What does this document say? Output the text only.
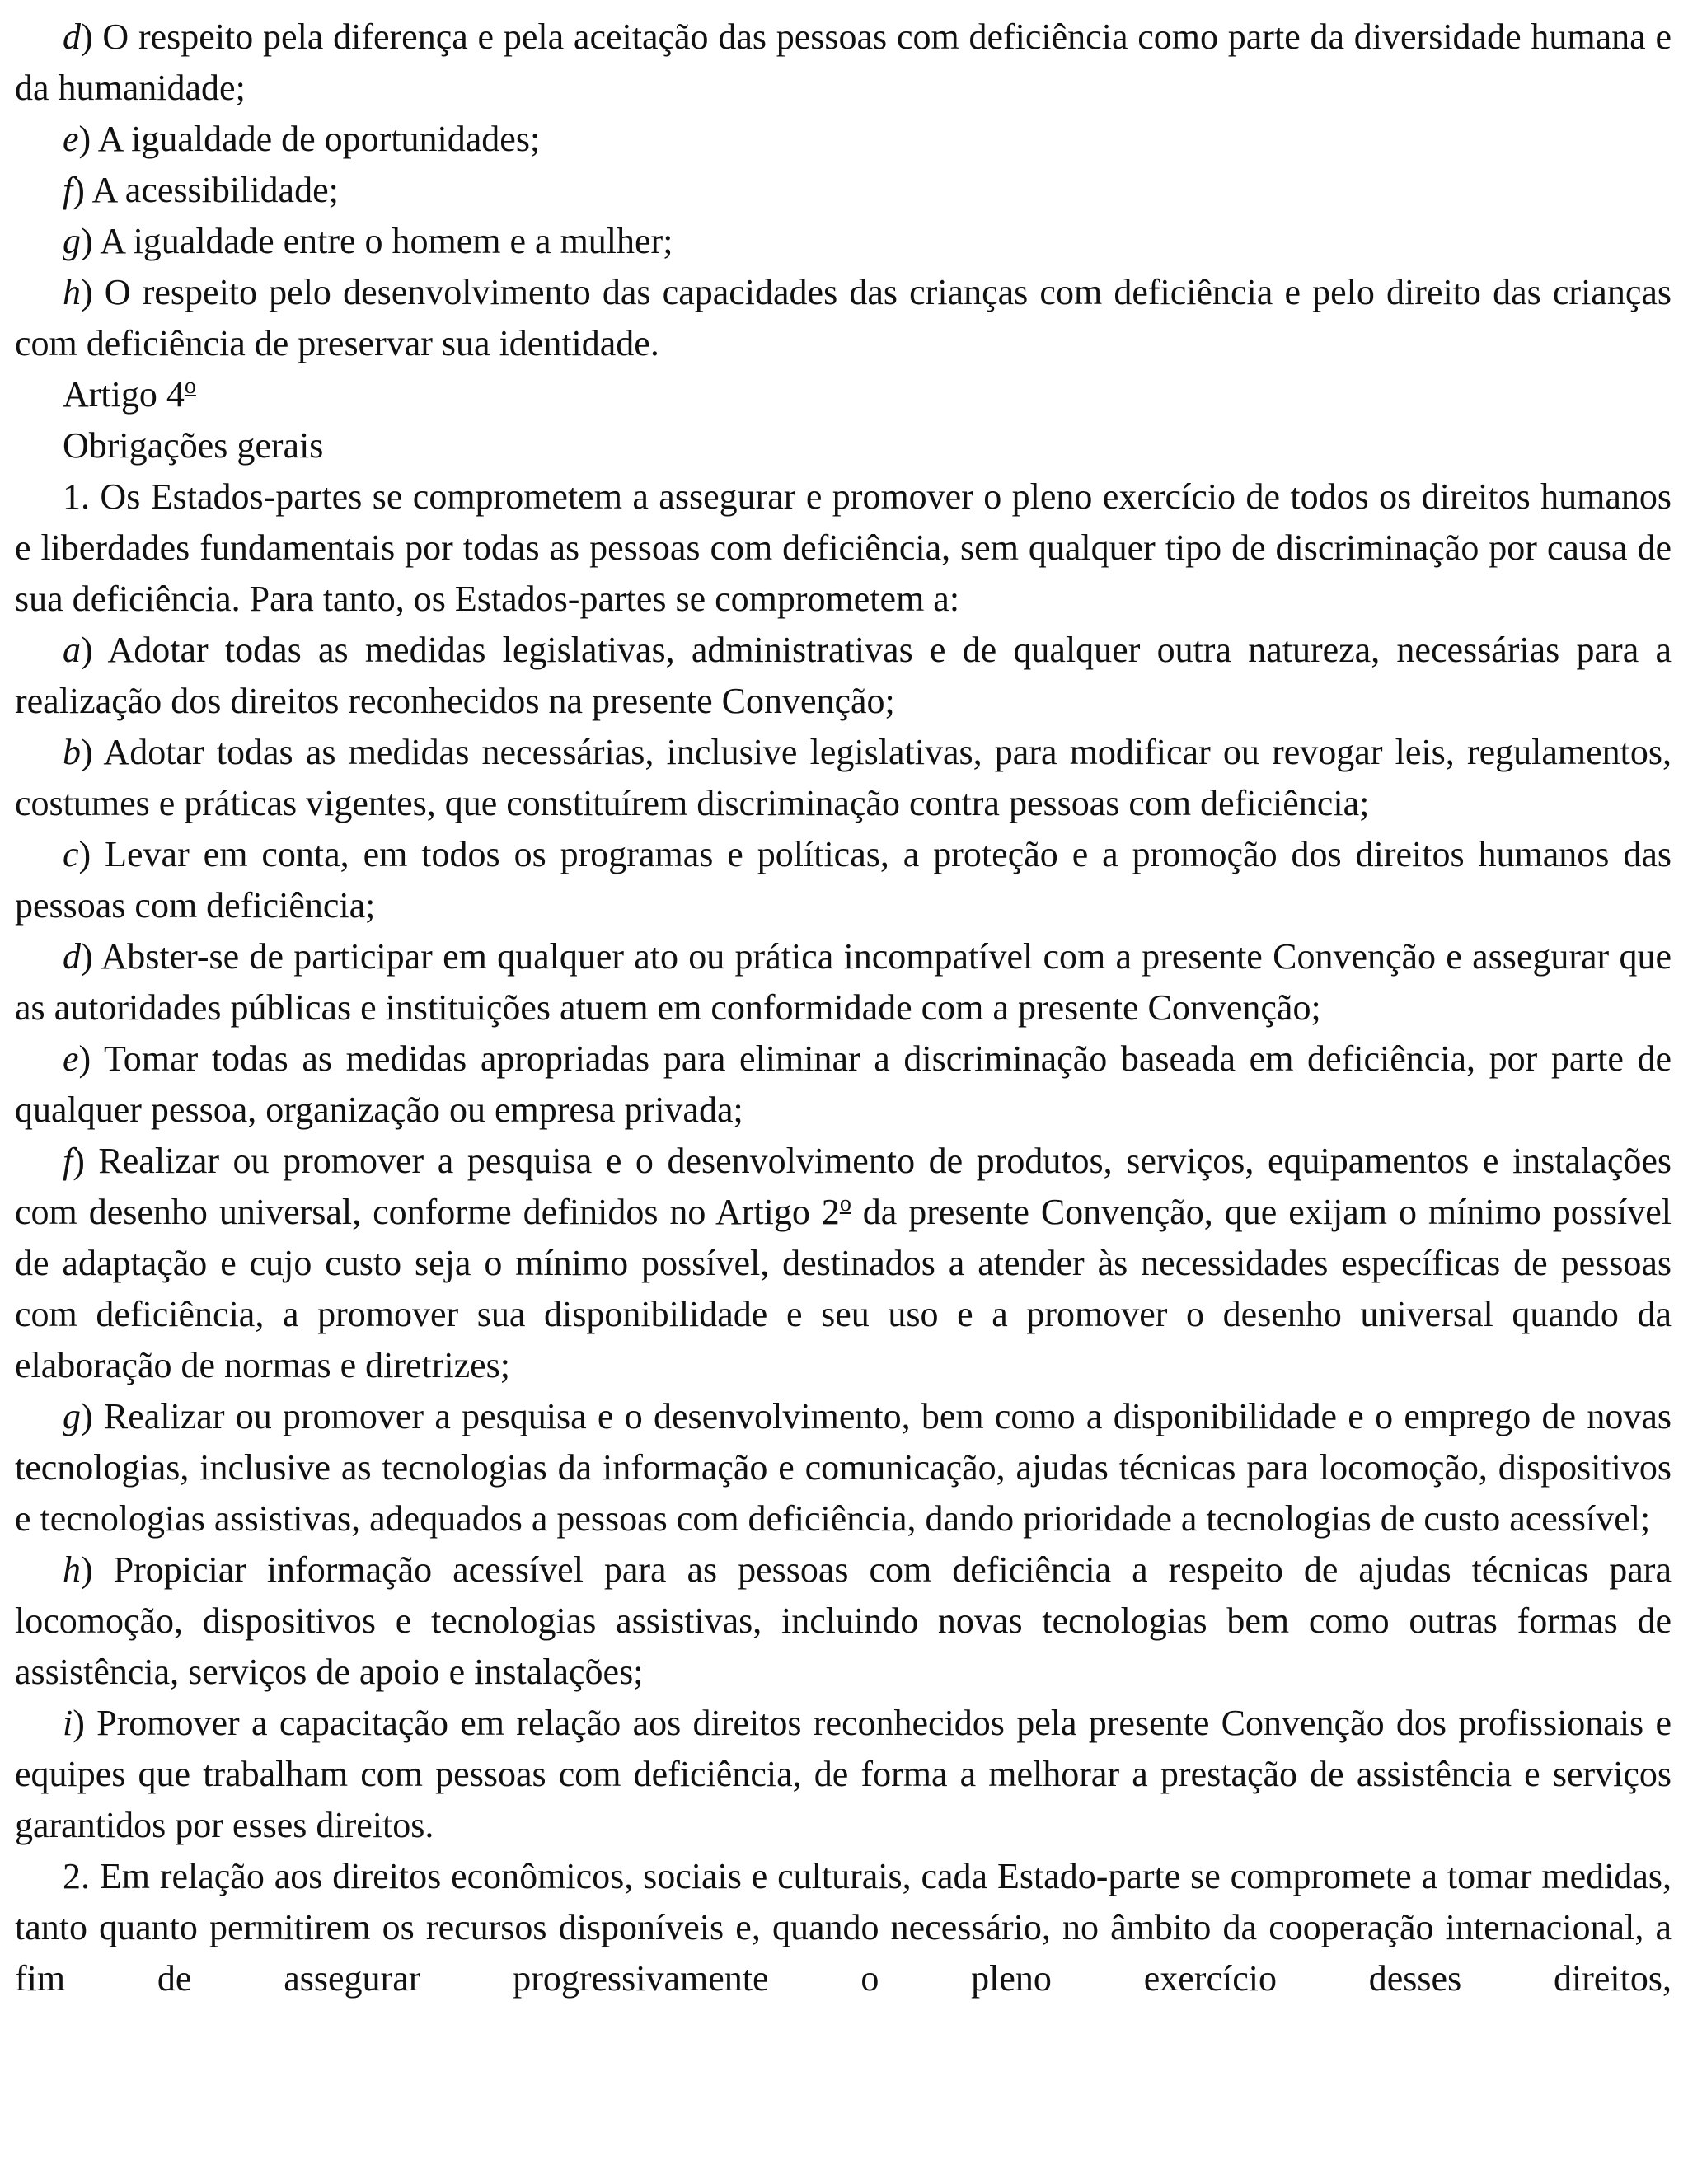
d) O respeito pela diferença e pela aceitação das pessoas com deficiência como parte da diversidade humana e da humanidade;

e) A igualdade de oportunidades;

f) A acessibilidade;

g) A igualdade entre o homem e a mulher;

h) O respeito pelo desenvolvimento das capacidades das crianças com deficiência e pelo direito das crianças com deficiência de preservar sua identidade.

Artigo 4$^o$

Obrigações gerais

1. Os Estados-partes se comprometem a assegurar e promover o pleno exercício de todos os direitos humanos e liberdades fundamentais por todas as pessoas com deficiência, sem qualquer tipo de discriminação por causa de sua deficiência. Para tanto, os Estados-partes se comprometem a:

a) Adotar todas as medidas legislativas, administrativas e de qualquer outra natureza, necessárias para a realização dos direitos reconhecidos na presente Convenção;

b) Adotar todas as medidas necessárias, inclusive legislativas, para modificar ou revogar leis, regulamentos, costumes e práticas vigentes, que constituírem discriminação contra pessoas com deficiência;

c) Levar em conta, em todos os programas e políticas, a proteção e a promoção dos direitos humanos das pessoas com deficiência;

d) Abster-se de participar em qualquer ato ou prática incompatível com a presente Convenção e assegurar que as autoridades públicas e instituições atuem em conformidade com a presente Convenção;

e) Tomar todas as medidas apropriadas para eliminar a discriminação baseada em deficiência, por parte de qualquer pessoa, organização ou empresa privada;

f) Realizar ou promover a pesquisa e o desenvolvimento de produtos, serviços, equipamentos e instalações com desenho universal, conforme definidos no Artigo 2$^o$ da presente Convenção, que exijam o mínimo possível de adaptação e cujo custo seja o mínimo possível, destinados a atender às necessidades específicas de pessoas com deficiência, a promover sua disponibilidade e seu uso e a promover o desenho universal quando da elaboração de normas e diretrizes;

g) Realizar ou promover a pesquisa e o desenvolvimento, bem como a disponibilidade e o emprego de novas tecnologias, inclusive as tecnologias da informação e comunicação, ajudas técnicas para locomoção, dispositivos e tecnologias assistivas, adequados a pessoas com deficiência, dando prioridade a tecnologias de custo acessível;

h) Propiciar informação acessível para as pessoas com deficiência a respeito de ajudas técnicas para locomoção, dispositivos e tecnologias assistivas, incluindo novas tecnologias bem como outras formas de assistência, serviços de apoio e instalações;

i) Promover a capacitação em relação aos direitos reconhecidos pela presente Convenção dos profissionais e equipes que trabalham com pessoas com deficiência, de forma a melhorar a prestação de assistência e serviços garantidos por esses direitos.

2. Em relação aos direitos econômicos, sociais e culturais, cada Estado-parte se compromete a tomar medidas, tanto quanto permitirem os recursos disponíveis e, quando necessário, no âmbito da cooperação internacional, a fim de assegurar progressivamente o pleno exercício desses direitos,
